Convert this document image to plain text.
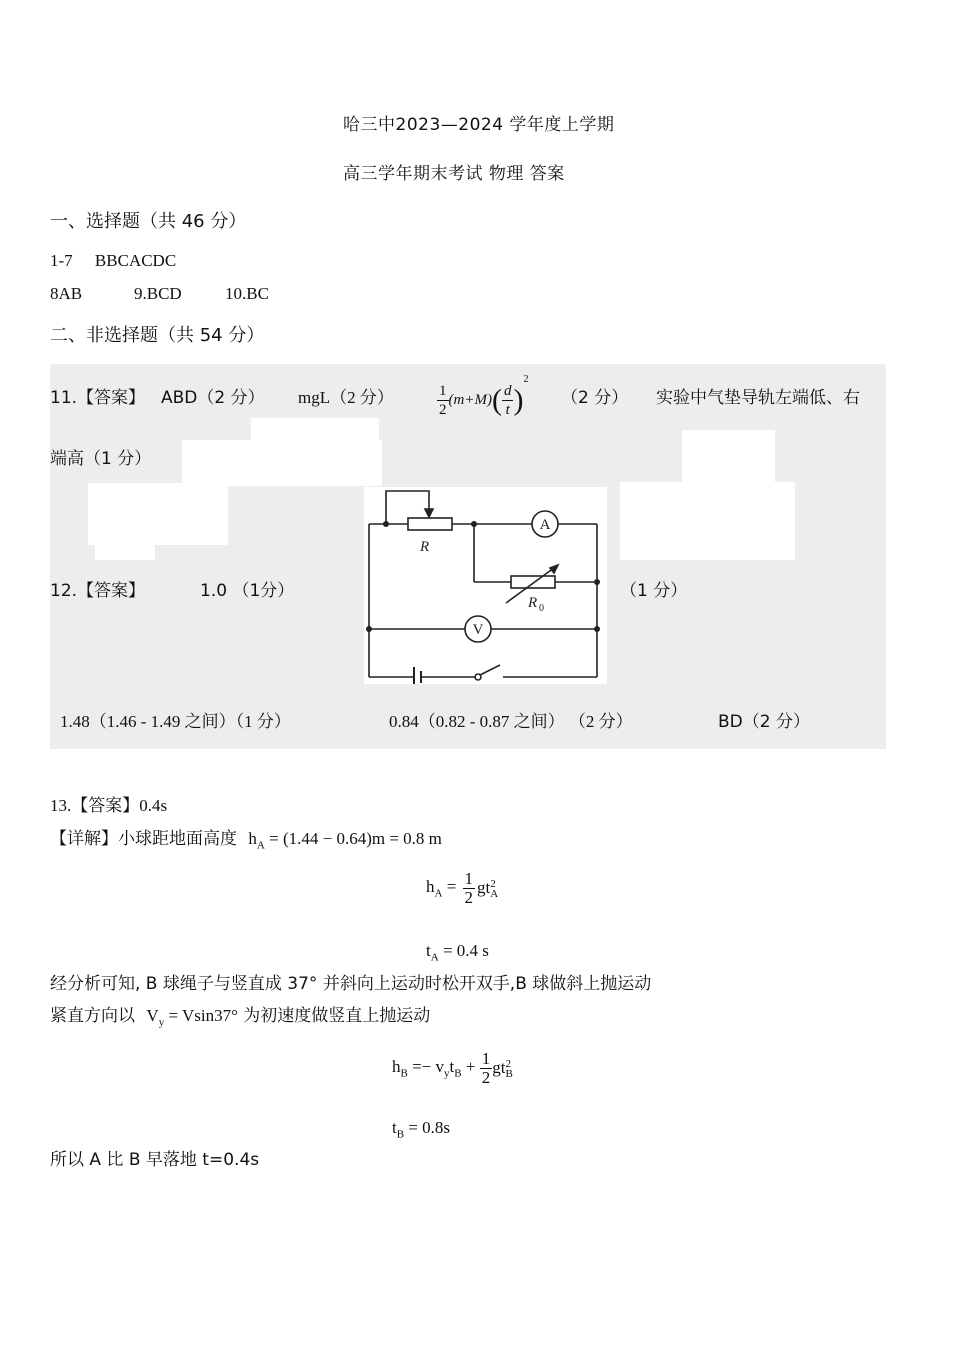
哈三中2023—2024 学年度上学期
高三学年期末考试 物理 答案
一、选择题（共 46 分）
1-7 BBCACDC
8AB	9.BCD	10.BC
二、非选择题（共 54 分）
11.【答案】 ABD（2 分） mgL（2 分）	$\frac{1}{2} (m+M)( \frac{d}{t} )^2$
（2 分） 实验中气垫导轨左端低、右
端高（1 分）
12.【答案】	1.0 （1分）	（1 分）
A
V
R
R 0
1.48（1.46 - 1.49 之间）（1 分）	0.84（0.82 - 0.87 之间） （2 分）	BD（2 分）
13.【答案】0.4s
【详解】小球距地面高度 $h_A = (1.44 - 0.64)m = 0.8$ m
$h_A = \frac{1}{2}$ gt 2
A
$t_A = 0.4$ s
经分析可知, B 球绳子与竖直成 37° 并斜向上运动时松开双手,B 球做斜上抛运动
紧直方向以 $V_y = Vsin37^\circ$ 为初速度做竖直上抛运动
$h_B =- v_yt_B + \frac{1}{2}$ gt 2
B
$t_B = 0.8s$
所以 A 比 B 早落地 t=0.4s
